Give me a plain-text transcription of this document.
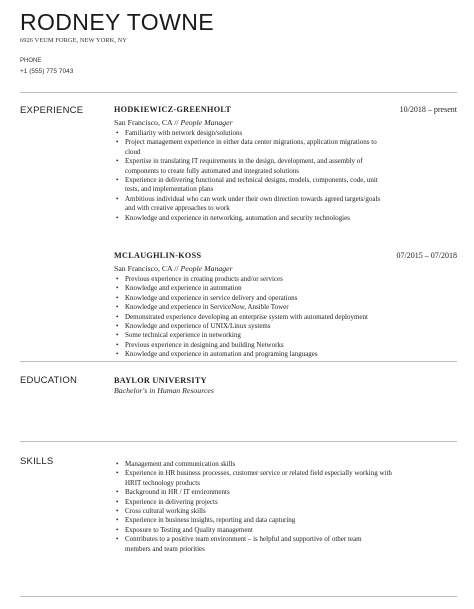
RODNEY TOWNE
6926 VEUM FORGE, NEW YORK, NY
PHONE
+1 (555) 775 7043
EXPERIENCE	HODKIEWICZ-GREENHOLT	10/2018 – present
San Francisco, CA // People Manager
• Familiarity with network design/solutions
• Project management experience in either data center migrations, application migrations to
cloud
• Expertise in translating IT requirements in the design, development, and assembly of
components to create fully automated and integrated solutions
• Experience in delivering functional and technical designs, models, components, code, unit
tests, and implementation plans
• Ambitious individual who can work under their own direction towards agreed targets/goals
and with creative approaches to work
• Knowledge and experience in networking, automation and security technologies
MCLAUGHLIN-KOSS	07/2015 – 07/2018
San Francisco, CA // People Manager
• Previous experience in creating products and/or services
• Knowledge and experience in automation
• Knowledge and experience in service delivery and operations
• Knowledge and experience in ServiceNow, Ansible Tower
• Demonstrated experience developing an enterprise system with automated deployment
• Knowledge and experience of UNIX/Linux systems
• Some technical experience in networking
• Previous experience in designing and building Networks
• Knowledge and experience in automation and programing languages
EDUCATION	BAYLOR UNIVERSITY
Bachelor's in Human Resources
SKILLS
•	Management and communication skills
• Experience in HR business processes, customer service or related field especially working with
HRIT technology products
• Background in HR / IT environments
• Experience in delivering projects
• Cross cultural working skills
• Experience in business insights, reporting and data capturing
• Exposure to Testing and Quality management
• Contributes to a positive team environment – is helpful and supportive of other team
members and team priorities
